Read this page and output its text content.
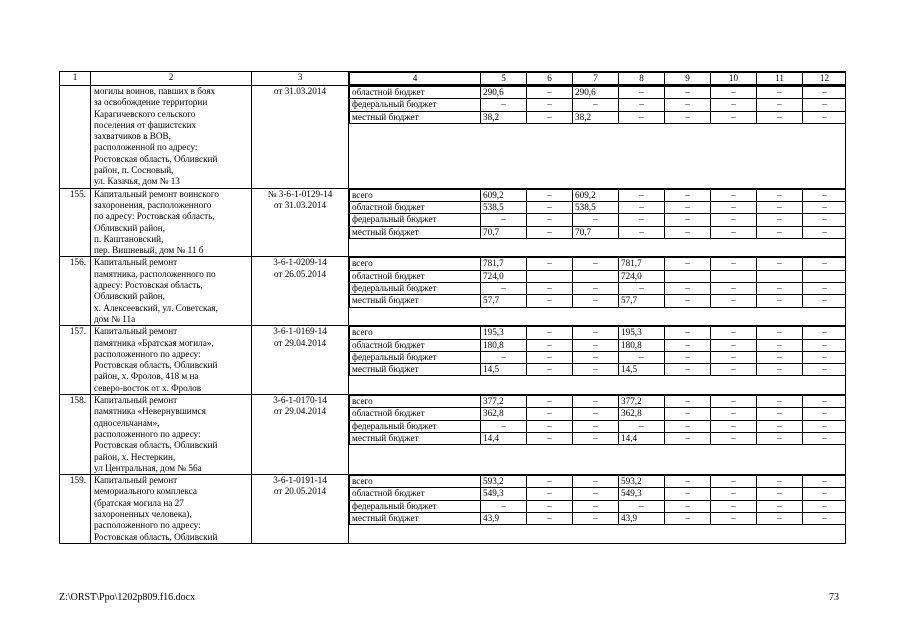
1	2	3		4	5	6	7	8	9	10	11	12

	могилы воинов, павших в боях
за освобождение территории
Карагичевского сельского
поселения от фашистских
захватчиков в ВОВ,
расположенной по адресу:
Ростовская область, Обливский
район, п. Сосновый,
ул. Казачья, дом № 13	от 31.03.2014		областной бюджет	290,6	–	290,6	–	–	–	–	–
федеральный бюджет	–	–	–	–	–	–	–	–
местный бюджет	38,2	–	38,2	–	–	–	–	–

155.	Капитальный ремонт воинского
захоронения, расположенного
по адресу: Ростовская область,
Обливский район,
п. Каштановский,
пер. Вишневый, дом № 11 б	№ 3-6-1-0129-14
от 31.03.2014	
всего	609,2	–	609,2	–	–	–	–	–
областной бюджет	538,5	–	538,5	–	–	–	–	–
федеральный бюджет	–	–	–	–	–	–	–	–
местный бюджет	70,7	–	70,7	–	–	–	–	–

156.	Капитальный ремонт
памятника, расположенного по
адресу: Ростовская область,
Обливский район,
х. Алексеевский, ул. Советская,
дом № 11а	3-6-1-0209-14
от 26.05.2014	
всего	781,7	–	–	781,7	–	–	–	–
областной бюджет	724,0			724,0				
федеральный бюджет	–	–	–	–	–	–	–	–
местный бюджет	57,7	–	–	57,7	–	–	–	–

157.	Капитальный ремонт
памятника «Братская могила»,
расположенного по адресу:
Ростовская область, Обливский
район, х. Фролов, 418 м на
северо-восток от х. Фролов	3-6-1-0169-14
от 29.04.2014	
всего	195,3	–	–	195,3	–	–	–	–
областной бюджет	180,8	–	–	180,8	–	–	–	–
федеральный бюджет	–	–	–	–	–	–	–	–
местный бюджет	14,5	–	–	14,5	–	–	–	–

158.	Капитальный ремонт
памятника «Невернувшимся
односельчанам»,
расположенного по адресу:
Ростовская область, Обливский
район, х. Нестеркин,
ул Центральная, дом № 56а	3-6-1-0170-14
от 29.04.2014	
всего	377,2	–	–	377,2	–	–	–	–
областной бюджет	362,8	–	–	362,8	–	–	–	–
федеральный бюджет	–	–	–	–	–	–	–	–
местный бюджет	14,4	–	–	14,4	–	–	–	–

159.	Капитальный ремонт
мемориального комплекса
(братская могила на 27
захороненных человека),
расположенного по адресу:
Ростовская область, Обливский	3-6-1-0191-14
от 20.05.2014	
всего	593,2	–	–	593,2	–	–	–	–
областной бюджет	549,3	–	–	549,3	–	–	–	–
федеральный бюджет	–	–	–	–	–	–	–	–
местный бюджет	43,9	–	–	43,9	–	–	–	–
Z:\ORST\Ppo\1202p809.f16.docx	73
